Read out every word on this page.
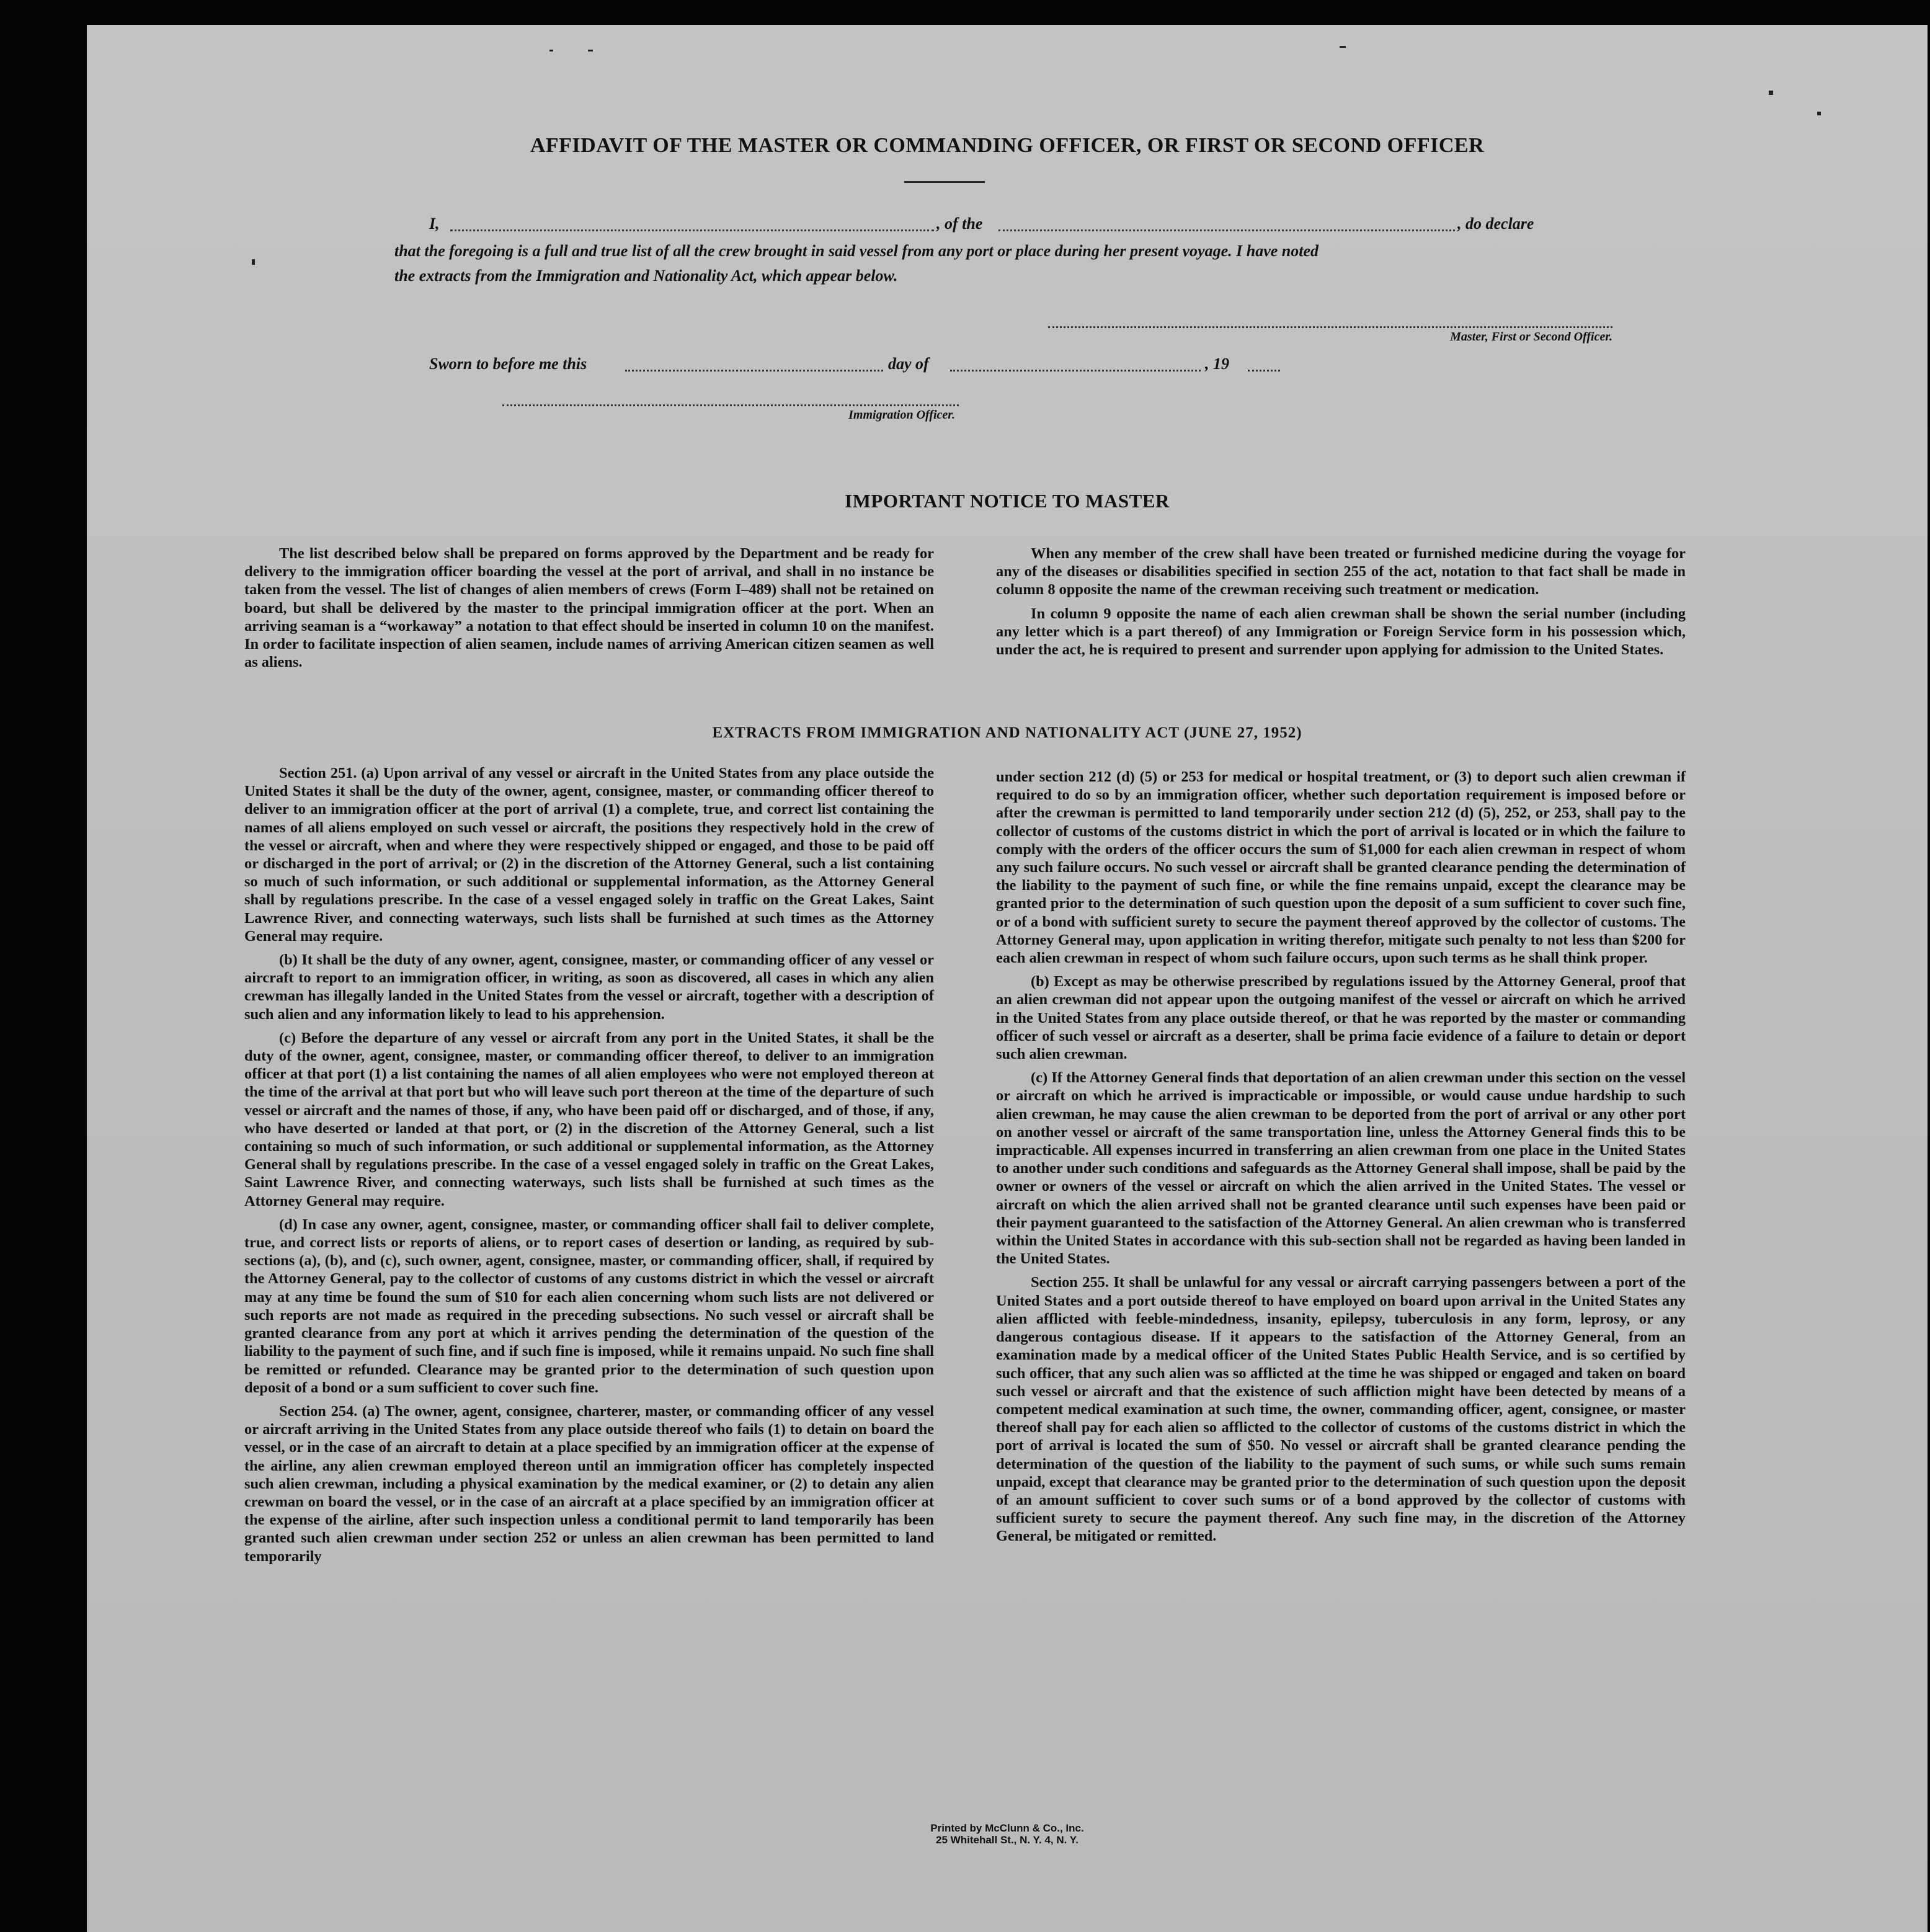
AFFIDAVIT OF THE MASTER OR COMMANDING OFFICER, OR FIRST OR SECOND OFFICER
I,	, of the	, do declare
that the foregoing is a full and true list of all the crew brought in said vessel from any port or place during her present voyage. I have noted
the extracts from the Immigration and Nationality Act, which appear below.
Master, First or Second Officer.
Sworn to before me this	day of	, 19
Immigration Officer.
IMPORTANT NOTICE TO MASTER

The list described below shall be prepared on forms approved by the Department and be ready for delivery to the immigration officer boarding the vessel at the port of arrival, and shall in no instance be taken from the vessel. The list of changes of alien members of crews (Form I–489) shall not be retained on board, but shall be delivered by the master to the principal immigration officer at the port. When an arriving seaman is a “workaway” a notation to that effect should be inserted in column 10 on the manifest. In order to facilitate inspection of alien seamen, include names of arriving American citizen seamen as well as aliens.

When any member of the crew shall have been treated or furnished medicine during the voyage for any of the diseases or disabilities specified in section 255 of the act, notation to that fact shall be made in column 8 opposite the name of the crewman receiving such treatment or medication.

In column 9 opposite the name of each alien crewman shall be shown the serial number (including any letter which is a part thereof) of any Immigration or Foreign Service form in his possession which, under the act, he is required to present and surrender upon applying for admission to the United States.

EXTRACTS FROM IMMIGRATION AND NATIONALITY ACT (JUNE 27, 1952)

Section 251. (a) Upon arrival of any vessel or aircraft in the United States from any place outside the United States it shall be the duty of the owner, agent, consignee, master, or commanding officer thereof to deliver to an immigration officer at the port of arrival (1) a complete, true, and correct list containing the names of all aliens employed on such vessel or aircraft, the positions they respectively hold in the crew of the vessel or aircraft, when and where they were respectively shipped or engaged, and those to be paid off or discharged in the port of arrival; or (2) in the discretion of the Attorney General, such a list containing so much of such information, or such additional or supplemental information, as the Attorney General shall by regulations prescribe. In the case of a vessel engaged solely in traffic on the Great Lakes, Saint Lawrence River, and connecting waterways, such lists shall be furnished at such times as the Attorney General may require.

(b) It shall be the duty of any owner, agent, consignee, master, or commanding officer of any vessel or aircraft to report to an immigration officer, in writing, as soon as discovered, all cases in which any alien crewman has illegally landed in the United States from the vessel or aircraft, together with a description of such alien and any information likely to lead to his apprehension.

(c) Before the departure of any vessel or aircraft from any port in the United States, it shall be the duty of the owner, agent, consignee, master, or commanding officer thereof, to deliver to an immigration officer at that port (1) a list containing the names of all alien employees who were not employed thereon at the time of the arrival at that port but who will leave such port thereon at the time of the departure of such vessel or aircraft and the names of those, if any, who have been paid off or discharged, and of those, if any, who have deserted or landed at that port, or (2) in the discretion of the Attorney General, such a list containing so much of such information, or such additional or supplemental information, as the Attorney General shall by regulations prescribe. In the case of a vessel engaged solely in traffic on the Great Lakes, Saint Lawrence River, and connecting waterways, such lists shall be furnished at such times as the Attorney General may require.

(d) In case any owner, agent, consignee, master, or commanding officer shall fail to deliver complete, true, and correct lists or reports of aliens, or to report cases of desertion or landing, as required by sub-sections (a), (b), and (c), such owner, agent, consignee, master, or commanding officer, shall, if required by the Attorney General, pay to the collector of customs of any customs district in which the vessel or aircraft may at any time be found the sum of $10 for each alien concerning whom such lists are not delivered or such reports are not made as required in the preceding subsections. No such vessel or aircraft shall be granted clearance from any port at which it arrives pending the determination of the question of the liability to the payment of such fine, and if such fine is imposed, while it remains unpaid. No such fine shall be remitted or refunded. Clearance may be granted prior to the determination of such question upon deposit of a bond or a sum sufficient to cover such fine.

Section 254. (a) The owner, agent, consignee, charterer, master, or commanding officer of any vessel or aircraft arriving in the United States from any place outside thereof who fails (1) to detain on board the vessel, or in the case of an aircraft to detain at a place specified by an immigration officer at the expense of the airline, any alien crewman employed thereon until an immigration officer has completely inspected such alien crewman, including a physical examination by the medical examiner, or (2) to detain any alien crewman on board the vessel, or in the case of an aircraft at a place specified by an immigration officer at the expense of the airline, after such inspection unless a conditional permit to land temporarily has been granted such alien crewman under section 252 or unless an alien crewman has been permitted to land temporarily

under section 212 (d) (5) or 253 for medical or hospital treatment, or (3) to deport such alien crewman if required to do so by an immigration officer, whether such deportation requirement is imposed before or after the crewman is permitted to land temporarily under section 212 (d) (5), 252, or 253, shall pay to the collector of customs of the customs district in which the port of arrival is located or in which the failure to comply with the orders of the officer occurs the sum of $1,000 for each alien crewman in respect of whom any such failure occurs. No such vessel or aircraft shall be granted clearance pending the determination of the liability to the payment of such fine, or while the fine remains unpaid, except the clearance may be granted prior to the determination of such question upon the deposit of a sum sufficient to cover such fine, or of a bond with sufficient surety to secure the payment thereof approved by the collector of customs. The Attorney General may, upon application in writing therefor, mitigate such penalty to not less than $200 for each alien crewman in respect of whom such failure occurs, upon such terms as he shall think proper.

(b) Except as may be otherwise prescribed by regulations issued by the Attorney General, proof that an alien crewman did not appear upon the outgoing manifest of the vessel or aircraft on which he arrived in the United States from any place outside thereof, or that he was reported by the master or commanding officer of such vessel or aircraft as a deserter, shall be prima facie evidence of a failure to detain or deport such alien crewman.

(c) If the Attorney General finds that deportation of an alien crewman under this section on the vessel or aircraft on which he arrived is impracticable or impossible, or would cause undue hardship to such alien crewman, he may cause the alien crewman to be deported from the port of arrival or any other port on another vessel or aircraft of the same transportation line, unless the Attorney General finds this to be impracticable. All expenses incurred in transferring an alien crewman from one place in the United States to another under such conditions and safeguards as the Attorney General shall impose, shall be paid by the owner or owners of the vessel or aircraft on which the alien arrived in the United States. The vessel or aircraft on which the alien arrived shall not be granted clearance until such expenses have been paid or their payment guaranteed to the satisfaction of the Attorney General. An alien crewman who is transferred within the United States in accordance with this sub-section shall not be regarded as having been landed in the United States.

Section 255. It shall be unlawful for any vessal or aircraft carrying passengers between a port of the United States and a port outside thereof to have employed on board upon arrival in the United States any alien afflicted with feeble-mindedness, insanity, epilepsy, tuberculosis in any form, leprosy, or any dangerous contagious disease. If it appears to the satisfaction of the Attorney General, from an examination made by a medical officer of the United States Public Health Service, and is so certified by such officer, that any such alien was so afflicted at the time he was shipped or engaged and taken on board such vessel or aircraft and that the existence of such affliction might have been detected by means of a competent medical examination at such time, the owner, commanding officer, agent, consignee, or master thereof shall pay for each alien so afflicted to the collector of customs of the customs district in which the port of arrival is located the sum of $50. No vessel or aircraft shall be granted clearance pending the determination of the question of the liability to the payment of such sums, or while such sums remain unpaid, except that clearance may be granted prior to the determination of such question upon the deposit of an amount sufficient to cover such sums or of a bond approved by the collector of customs with sufficient surety to secure the payment thereof. Any such fine may, in the discretion of the Attorney General, be mitigated or remitted.

Printed by McClunn & Co., Inc.
25 Whitehall St., N. Y. 4, N. Y.
